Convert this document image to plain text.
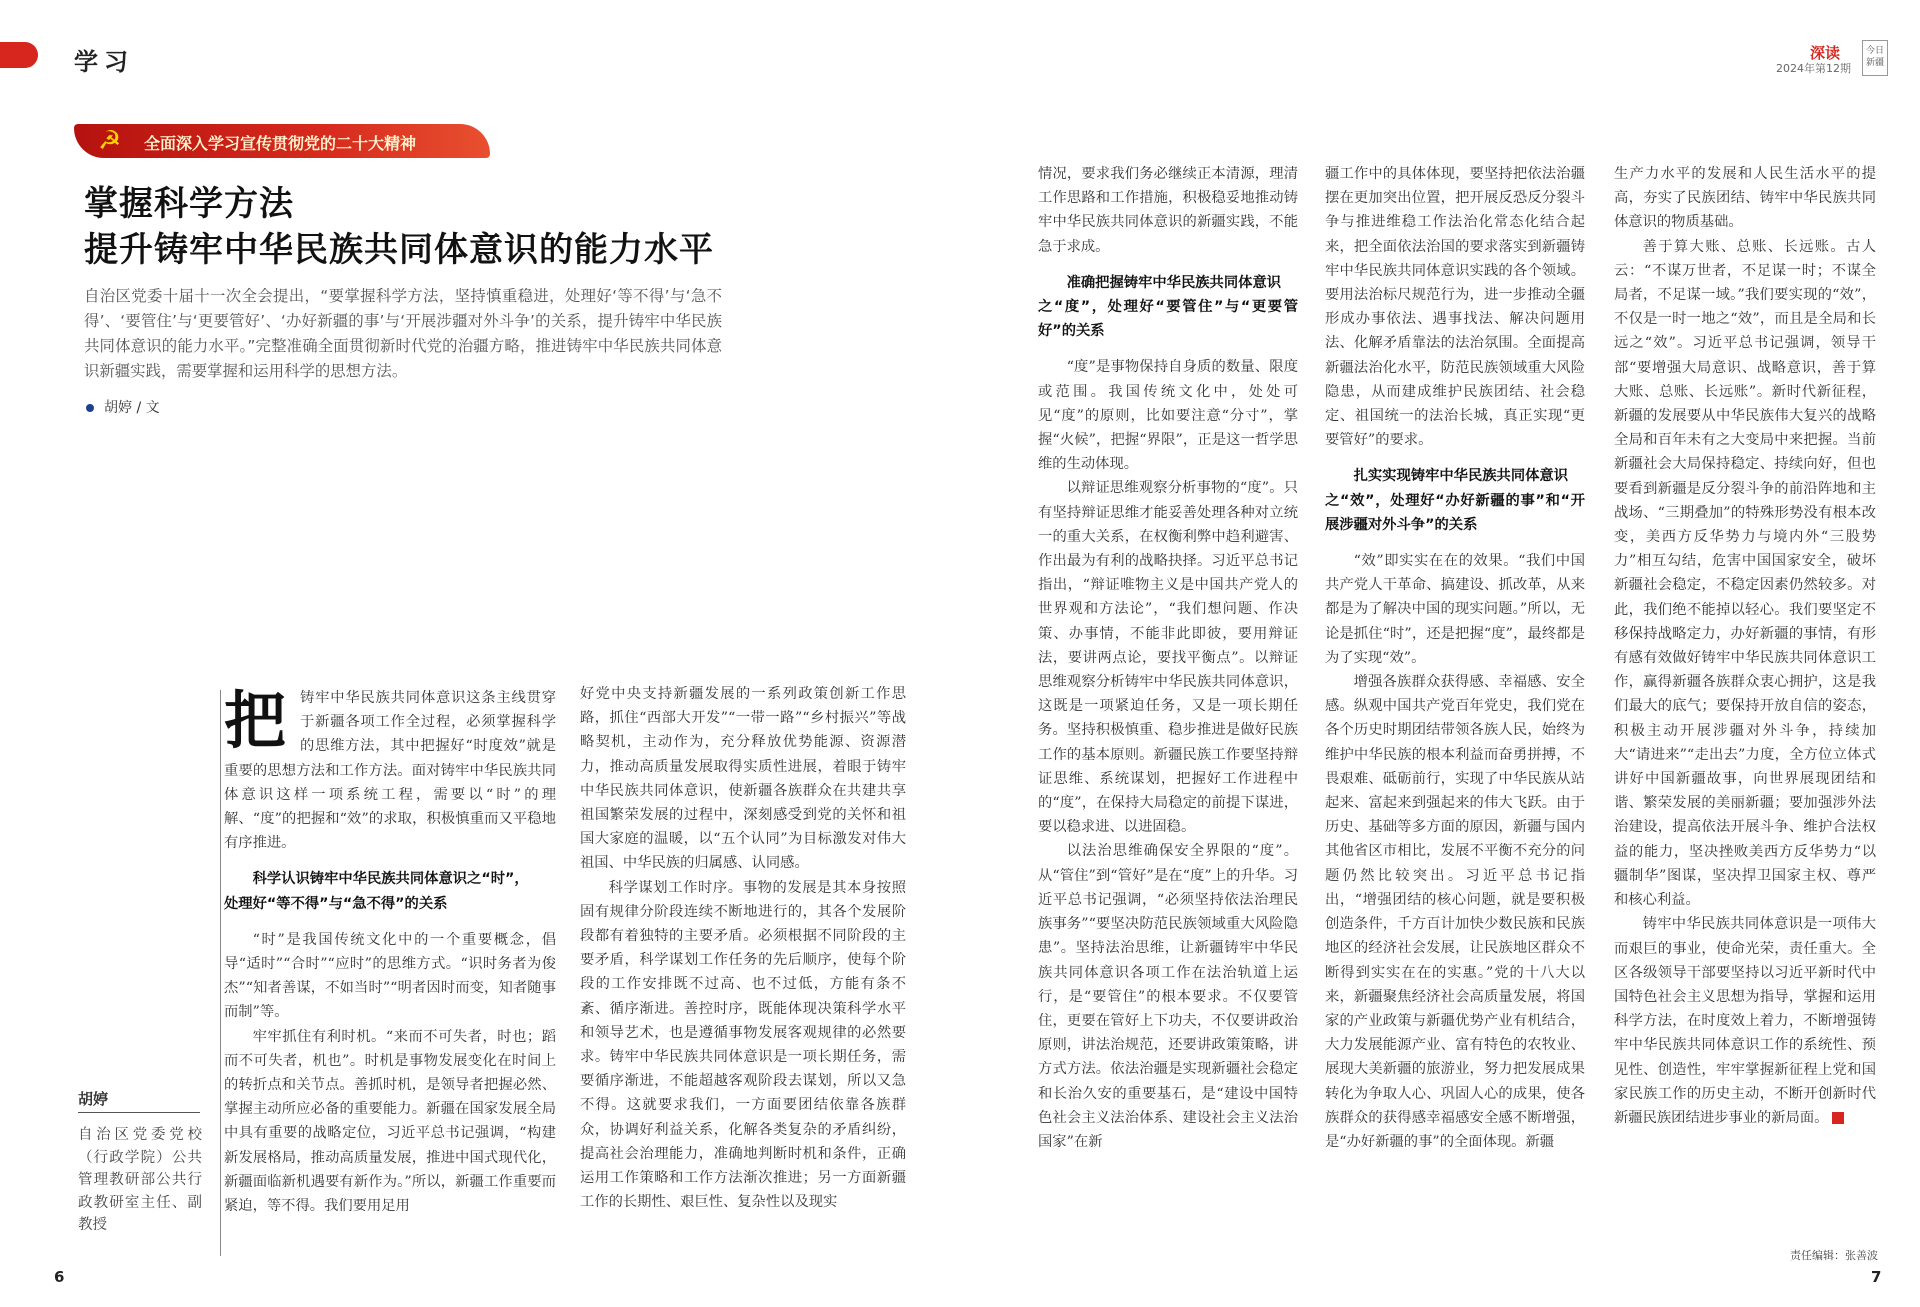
学习	深读
2024年第12期
今日新疆
☭ 全面深入学习宣传贯彻党的二十大精神
掌握科学方法
提升铸牢中华民族共同体意识的能力水平
自治区党委十届十一次全会提出，“要掌握科学方法，坚持慎重稳进，处理好‘等不得’与‘急不得’、‘要管住’与‘更要管好’、‘办好新疆的事’与‘开展涉疆对外斗争’的关系，提升铸牢中华民族共同体意识的能力水平。”完整准确全面贯彻新时代党的治疆方略，推进铸牢中华民族共同体意识新疆实践，需要掌握和运用科学的思想方法。
胡婷 / 文
胡婷
自治区党委党校（行政学院）公共管理教研部公共行政教研室主任、副教授
把 铸牢中华民族共同体意识这条主线贯穿于新疆各项工作全过程，必须掌握科学的思维方法，其中把握好“时度效”就是重要的思想方法和工作方法。面对铸牢中华民族共同体意识这样一项系统工程，需要以“时”的理解、“度”的把握和“效”的求取，积极慎重而又平稳地有序推进。

科学认识铸牢中华民族共同体意识之“时”，
处理好“等不得”与“急不得”的关系

“时”是我国传统文化中的一个重要概念，倡导“适时”“合时”“应时”的思维方式。“识时务者为俊杰”“知者善谋，不如当时”“明者因时而变，知者随事而制”等。

牢牢抓住有利时机。“来而不可失者，时也；蹈而不可失者，机也”。时机是事物发展变化在时间上的转折点和关节点。善抓时机，是领导者把握必然、掌握主动所应必备的重要能力。新疆在国家发展全局中具有重要的战略定位，习近平总书记强调，“构建新发展格局，推动高质量发展，推进中国式现代化，新疆面临新机遇要有新作为。”所以，新疆工作重要而紧迫，等不得。我们要用足用

好党中央支持新疆发展的一系列政策创新工作思路，抓住“西部大开发”“一带一路”“乡村振兴”等战略契机，主动作为，充分释放优势能源、资源潜力，推动高质量发展取得实质性进展，着眼于铸牢中华民族共同体意识，使新疆各族群众在共建共享祖国繁荣发展的过程中，深刻感受到党的关怀和祖国大家庭的温暖，以“五个认同”为目标激发对伟大祖国、中华民族的归属感、认同感。

科学谋划工作时序。事物的发展是其本身按照固有规律分阶段连续不断地进行的，其各个发展阶段都有着独特的主要矛盾。必须根据不同阶段的主要矛盾，科学谋划工作任务的先后顺序，使每个阶段的工作安排既不过高、也不过低，方能有条不紊、循序渐进。善控时序，既能体现决策科学水平和领导艺术，也是遵循事物发展客观规律的必然要求。铸牢中华民族共同体意识是一项长期任务，需要循序渐进，不能超越客观阶段去谋划，所以又急不得。这就要求我们，一方面要团结依靠各族群众，协调好利益关系，化解各类复杂的矛盾纠纷，提高社会治理能力，准确地判断时机和条件，正确运用工作策略和工作方法渐次推进；另一方面新疆工作的长期性、艰巨性、复杂性以及现实

情况，要求我们务必继续正本清源，理清工作思路和工作措施，积极稳妥地推动铸牢中华民族共同体意识的新疆实践，不能急于求成。

准确把握铸牢中华民族共同体意识
之“度”，处理好“要管住”与“更要管好”的关系

“度”是事物保持自身质的数量、限度或范围。我国传统文化中，处处可见“度”的原则，比如要注意“分寸”，掌握“火候”，把握“界限”，正是这一哲学思维的生动体现。

以辩证思维观察分析事物的“度”。只有坚持辩证思维才能妥善处理各种对立统一的重大关系，在权衡利弊中趋利避害、作出最为有利的战略抉择。习近平总书记指出，“辩证唯物主义是中国共产党人的世界观和方法论”，“我们想问题、作决策、办事情，不能非此即彼，要用辩证法，要讲两点论，要找平衡点”。以辩证思维观察分析铸牢中华民族共同体意识，这既是一项紧迫任务，又是一项长期任务。坚持积极慎重、稳步推进是做好民族工作的基本原则。新疆民族工作要坚持辩证思维、系统谋划，把握好工作进程中的“度”，在保持大局稳定的前提下谋进，要以稳求进、以进固稳。

以法治思维确保安全界限的“度”。从“管住”到“管好”是在“度”上的升华。习近平总书记强调，“必须坚持依法治理民族事务”“要坚决防范民族领域重大风险隐患”。坚持法治思维，让新疆铸牢中华民族共同体意识各项工作在法治轨道上运行，是“要管住”的根本要求。不仅要管住，更要在管好上下功夫，不仅要讲政治原则，讲法治规范，还要讲政策策略，讲方式方法。依法治疆是实现新疆社会稳定和长治久安的重要基石，是“建设中国特色社会主义法治体系、建设社会主义法治国家”在新

疆工作中的具体体现，要坚持把依法治疆摆在更加突出位置，把开展反恐反分裂斗争与推进维稳工作法治化常态化结合起来，把全面依法治国的要求落实到新疆铸牢中华民族共同体意识实践的各个领域。要用法治标尺规范行为，进一步推动全疆形成办事依法、遇事找法、解决问题用法、化解矛盾靠法的法治氛围。全面提高新疆法治化水平，防范民族领域重大风险隐患，从而建成维护民族团结、社会稳定、祖国统一的法治长城，真正实现“更要管好”的要求。

扎实实现铸牢中华民族共同体意识
之“效”，处理好“办好新疆的事”和“开展涉疆对外斗争”的关系

“效”即实实在在的效果。“我们中国共产党人干革命、搞建设、抓改革，从来都是为了解决中国的现实问题。”所以，无论是抓住“时”，还是把握“度”，最终都是为了实现“效”。

增强各族群众获得感、幸福感、安全感。纵观中国共产党百年党史，我们党在各个历史时期团结带领各族人民，始终为维护中华民族的根本利益而奋勇拼搏，不畏艰难、砥砺前行，实现了中华民族从站起来、富起来到强起来的伟大飞跃。由于历史、基础等多方面的原因，新疆与国内其他省区市相比，发展不平衡不充分的问题仍然比较突出。习近平总书记指出，“增强团结的核心问题，就是要积极创造条件，千方百计加快少数民族和民族地区的经济社会发展，让民族地区群众不断得到实实在在的实惠。”党的十八大以来，新疆聚焦经济社会高质量发展，将国家的产业政策与新疆优势产业有机结合，大力发展能源产业、富有特色的农牧业、展现大美新疆的旅游业，努力把发展成果转化为争取人心、巩固人心的成果，使各族群众的获得感幸福感安全感不断增强，是“办好新疆的事”的全面体现。新疆

生产力水平的发展和人民生活水平的提高，夯实了民族团结、铸牢中华民族共同体意识的物质基础。

善于算大账、总账、长远账。古人云：“不谋万世者，不足谋一时；不谋全局者，不足谋一域。”我们要实现的“效”，不仅是一时一地之“效”，而且是全局和长远之“效”。习近平总书记强调，领导干部“要增强大局意识、战略意识，善于算大账、总账、长远账”。新时代新征程，新疆的发展要从中华民族伟大复兴的战略全局和百年未有之大变局中来把握。当前新疆社会大局保持稳定、持续向好，但也要看到新疆是反分裂斗争的前沿阵地和主战场、“三期叠加”的特殊形势没有根本改变，美西方反华势力与境内外“三股势力”相互勾结，危害中国国家安全，破坏新疆社会稳定，不稳定因素仍然较多。对此，我们绝不能掉以轻心。我们要坚定不移保持战略定力，办好新疆的事情，有形有感有效做好铸牢中华民族共同体意识工作，赢得新疆各族群众衷心拥护，这是我们最大的底气；要保持开放自信的姿态，积极主动开展涉疆对外斗争，持续加大“请进来”“走出去”力度，全方位立体式讲好中国新疆故事，向世界展现团结和谐、繁荣发展的美丽新疆；要加强涉外法治建设，提高依法开展斗争、维护合法权益的能力，坚决挫败美西方反华势力“以疆制华”图谋，坚决捍卫国家主权、尊严和核心利益。

铸牢中华民族共同体意识是一项伟大而艰巨的事业，使命光荣，责任重大。全区各级领导干部要坚持以习近平新时代中国特色社会主义思想为指导，掌握和运用科学方法，在时度效上着力，不断增强铸牢中华民族共同体意识工作的系统性、预见性、创造性，牢牢掌握新征程上党和国家民族工作的历史主动，不断开创新时代新疆民族团结进步事业的新局面。

6
责任编辑：张善波
7
